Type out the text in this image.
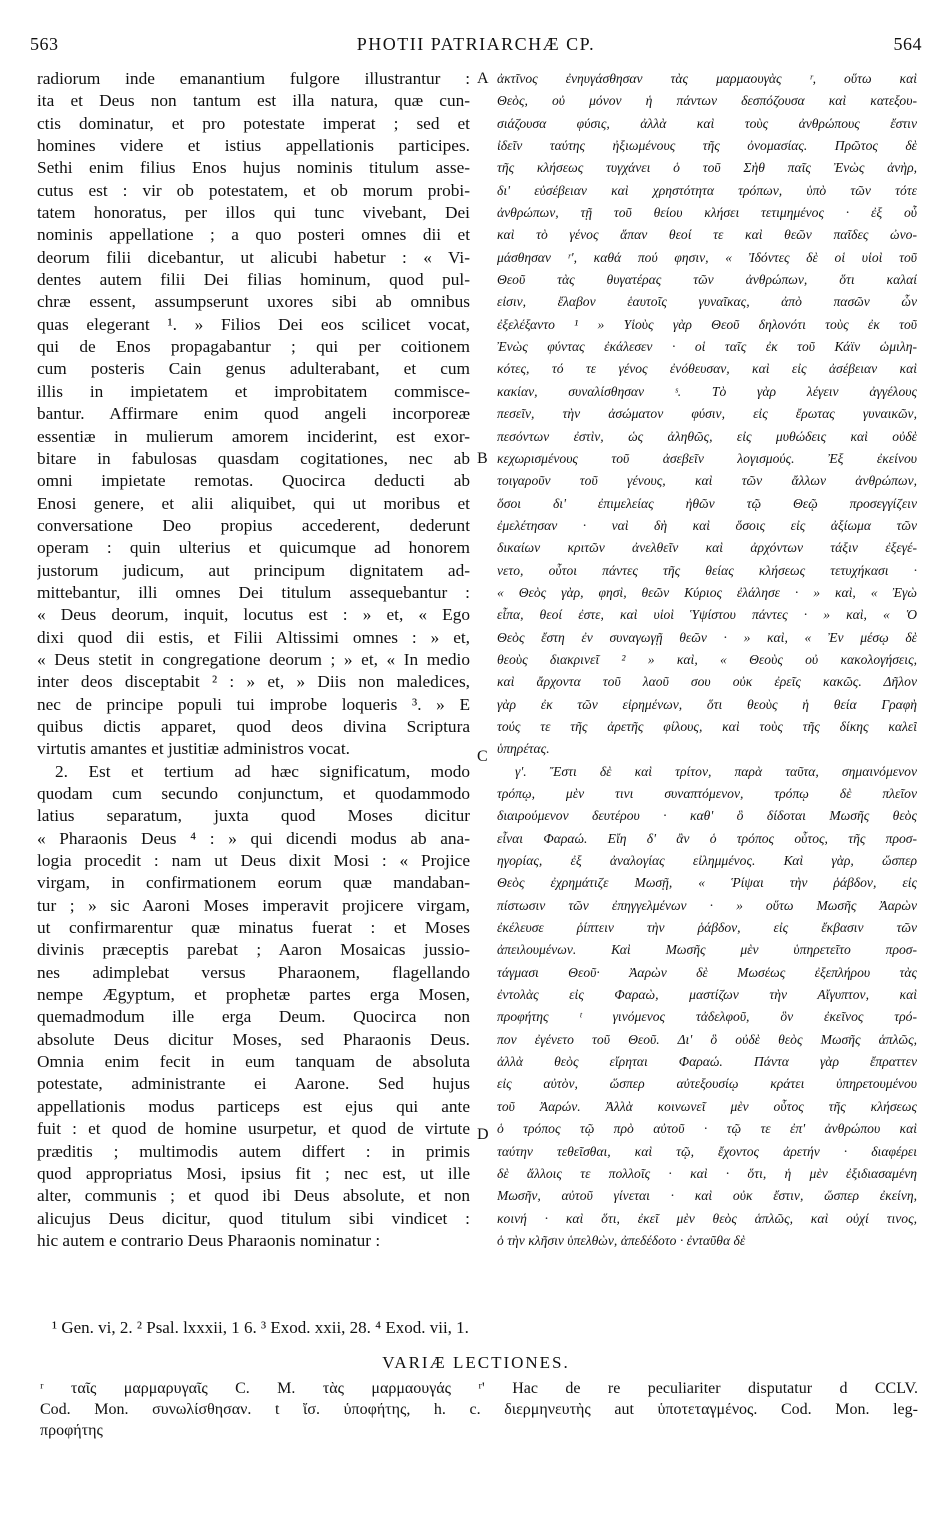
563	PHOTII PATRIARCHÆ CP.	564
radiorum inde emanantium fulgore illustrantur :
ita et Deus non tantum est illa natura, quæ cun-
ctis dominatur, et pro potestate imperat ; sed et
homines videre et istius appellationis participes.
Sethi enim filius Enos hujus nominis titulum asse-
cutus est : vir ob potestatem, et ob morum probi-
tatem honoratus, per illos qui tunc vivebant, Dei
nominis appellatione ; a quo posteri omnes dii et
deorum filii dicebantur, ut alicubi habetur : « Vi-
dentes autem filii Dei filias hominum, quod pul-
chræ essent, assumpserunt uxores sibi ab omnibus
quas elegerant ¹. » Filios Dei eos scilicet vocat,
qui de Enos propagabantur ; qui per coitionem
cum posteris Cain genus adulterabant, et cum
illis in impietatem et improbitatem commisce-
bantur. Affirmare enim quod angeli incorporeæ
essentiæ in mulierum amorem inciderint, est exor-
bitare in fabulosas quasdam cogitationes, nec ab
omni impietate remotas. Quocirca deducti ab
Enosi genere, et alii aliquibet, qui ut moribus et
conversatione Deo propius accederent, dederunt
operam : quin ulterius et quicumque ad honorem
justorum judicum, aut principum dignitatem ad-
mittebantur, illi omnes Dei titulum assequebantur :
« Deus deorum, inquit, locutus est : » et, « Ego
dixi quod dii estis, et Filii Altissimi omnes : » et,
« Deus stetit in congregatione deorum ; » et, « In medio
inter deos disceptabit ² : » et, » Diis non maledices,
nec de principe populi tui improbe loqueris ³. » E
quibus dictis apparet, quod deos divina Scriptura
virtutis amantes et justitiæ administros vocat.
2. Est et tertium ad hæc significatum, modo
quodam cum secundo conjunctum, et quodammodo
latius separatum, juxta quod Moses dicitur
« Pharaonis Deus ⁴ : » qui dicendi modus ab ana-
logia procedit : nam ut Deus dixit Mosi : « Projice
virgam, in confirmationem eorum quæ mandaban-
tur ; » sic Aaroni Moses imperavit projicere virgam,
ut confirmarentur quæ minatus fuerat : et Moses
divinis præceptis parebat ; Aaron Mosaicas jussio-
nes adimplebat versus Pharaonem, flagellando
nempe Ægyptum, et prophetæ partes erga Mosen,
quemadmodum ille erga Deum. Quocirca non
absolute Deus dicitur Moses, sed Pharaonis Deus.
Omnia enim fecit in eum tanquam de absoluta
potestate, administrante ei Aarone. Sed hujus
appellationis modus particeps est ejus qui ante
fuit : et quod de homine usurpetur, et quod de virtute
præditis ; multimodis autem differt : in primis
quod appropriatus Mosi, ipsius fit ; nec est, ut ille
alter, communis ; et quod ibi Deus absolute, et non
alicujus Deus dicitur, quod titulum sibi vindicet :
hic autem e contrario Deus Pharaonis nominatur :
ἀκτῖνος ἐνηυγάσθησαν τὰς μαρμαουγὰς ʳ, οὕτω καὶ
Θεὸς, οὐ μόνον ἡ πάντων δεσπόζουσα καὶ κατεξου-
σιάζουσα φύσις, ἀλλὰ καὶ τοὺς ἀνθρώπους ἔστιν
ἰδεῖν ταύτης ἠξιωμένους τῆς ὀνομασίας. Πρῶτος δὲ
τῆς κλήσεως τυγχάνει ὁ τοῦ Σὴθ παῖς Ἐνὼς ἀνὴρ,
δι' εὐσέβειαν καὶ χρηστότητα τρόπων, ὑπὸ τῶν τότε
ἀνθρώπων, τῇ τοῦ θείου κλήσει τετιμημένος · ἐξ οὗ
καὶ τὸ γένος ἅπαν θεοί τε καὶ θεῶν παῖδες ὠνο-
μάσθησαν ʳ', καθά πού φησιν, « Ἰδόντες δὲ οἱ υἱοὶ τοῦ
Θεοῦ τὰς θυγατέρας τῶν ἀνθρώπων, ὅτι καλαί
εἰσιν, ἔλαβον ἑαυτοῖς γυναῖκας, ἀπὸ πασῶν ὧν
ἐξελέξαντο ¹ » Υἱοὺς γὰρ Θεοῦ δηλονότι τοὺς ἐκ τοῦ
Ἐνὼς φύντας ἐκάλεσεν · οἱ ταῖς ἐκ τοῦ Κάϊν ὡμιλη-
κότες, τό τε γένος ἐνόθευσαν, καὶ εἰς ἀσέβειαν καὶ
κακίαν, συναλίσθησαν ˢ. Τὸ γὰρ λέγειν ἀγγέλους
πεσεῖν, τὴν ἀσώματον φύσιν, εἰς ἔρωτας γυναικῶν,
πεσόντων ἐστὶν, ὡς ἀληθῶς, εἰς μυθώδεις καὶ οὐδὲ
κεχωρισμένους τοῦ ἀσεβεῖν λογισμούς. Ἐξ ἐκείνου
τοιγαροῦν τοῦ γένους, καὶ τῶν ἄλλων ἀνθρώπων,
ὅσοι δι' ἐπιμελείας ἠθῶν τῷ Θεῷ προσεγγίζειν
ἐμελέτησαν · ναὶ δὴ καὶ ὅσοις εἰς ἀξίωμα τῶν
δικαίων κριτῶν ἀνελθεῖν καὶ ἀρχόντων τάξιν ἐξεγέ-
νετο, οὗτοι πάντες τῆς θείας κλήσεως τετυχήκασι ·
« Θεὸς γὰρ, φησὶ, θεῶν Κύριος ἐλάλησε · » καὶ, « Ἐγὼ
εἶπα, θεοί ἐστε, καὶ υἱοὶ Ὑψίστου πάντες · » καὶ, « Ὁ
Θεὸς ἔστη ἐν συναγωγῇ θεῶν · » καὶ, « Ἐν μέσῳ δὲ
θεοὺς διακρινεῖ ² » καὶ, « Θεοὺς οὐ κακολογήσεις,
καὶ ἄρχοντα τοῦ λαοῦ σου οὐκ ἐρεῖς κακῶς. Δῆλον
γὰρ ἐκ τῶν εἰρημένων, ὅτι θεοὺς ἡ θεία Γραφὴ
τούς τε τῆς ἀρετῆς φίλους, καὶ τοὺς τῆς δίκης καλεῖ
ὑπηρέτας.
γ'. Ἔστι δὲ καὶ τρίτον, παρὰ ταῦτα, σημαινόμενον
τρόπῳ, μὲν τινι συναπτόμενον, τρόπῳ δὲ πλεῖον
διαιρούμενον δευτέρου · καθ' ὃ δίδοται Μωσῆς θεὸς
εἶναι Φαραώ. Εἴη δ' ἂν ὁ τρόπος οὗτος, τῆς προσ-
ηγορίας, ἐξ ἀναλογίας εἰλημμένος. Καὶ γὰρ, ὥσπερ
Θεὸς ἐχρημάτιζε Μωσῇ, « Ῥίψαι τὴν ῥάβδον, εἰς
πίστωσιν τῶν ἐπηγγελμένων · » οὕτω Μωσῆς Ἀαρὼν
ἐκέλευσε ῥίπτειν τὴν ῥάβδον, εἰς ἔκβασιν τῶν
ἀπειλουμένων. Καὶ Μωσῆς μὲν ὑπηρετεῖτο προσ-
τάγμασι Θεοῦ· Ἀαρὼν δὲ Μωσέως ἐξεπλήρου τὰς
ἐντολὰς εἰς Φαραὼ, μαστίζων τὴν Αἴγυπτον, καὶ
προφήτης ᵗ γινόμενος τἀδελφοῦ, ὃν ἐκεῖνος τρό-
πον ἐγένετο τοῦ Θεοῦ. Δι' ὃ οὐδὲ θεὸς Μωσῆς ἁπλῶς,
ἀλλὰ θεὸς εἴρηται Φαραώ. Πάντα γὰρ ἔπραττεν
εἰς αὐτὸν, ὥσπερ αὐτεξουσίῳ κράτει ὑπηρετουμένου
τοῦ Ἀαρών. Ἀλλὰ κοινωνεῖ μὲν οὗτος τῆς κλήσεως
ὁ τρόπος τῷ πρὸ αὐτοῦ · τῷ τε ἐπ' ἀνθρώπου καὶ
ταύτην τεθεῖσθαι, καὶ τῷ, ἔχοντος ἀρετήν · διαφέρει
δὲ ἄλλοις τε πολλοῖς · καὶ · ὅτι, ἡ μὲν ἐξιδιασαμένη
Μωσῆν, αὐτοῦ γίνεται · καὶ οὐκ ἔστιν, ὥσπερ ἐκείνη,
κοινή · καὶ ὅτι, ἐκεῖ μὲν θεὸς ἁπλῶς, καὶ οὐχί τινος,
ὁ τὴν κλῆσιν ὑπελθὼν, ἀπεδέδοτο · ἐνταῦθα δὲ
A
B
C
D
¹ Gen. vi, 2. ² Psal. lxxxii, 1 6. ³ Exod. xxii, 28. ⁴ Exod. vii, 1.
VARIÆ LECTIONES.
ʳ ταῖς μαρμαρυγαῖς C. M. τὰς μαρμαουγάς ʳ' Hac de re peculiariter disputatur d CCLV.
Cod. Mon. συνωλίσθησαν. t ἴσ. ὑποφήτης, h. c. διερμηνευτὴς aut ὑποτεταγμένος. Cod. Mon. leg-
προφήτης
